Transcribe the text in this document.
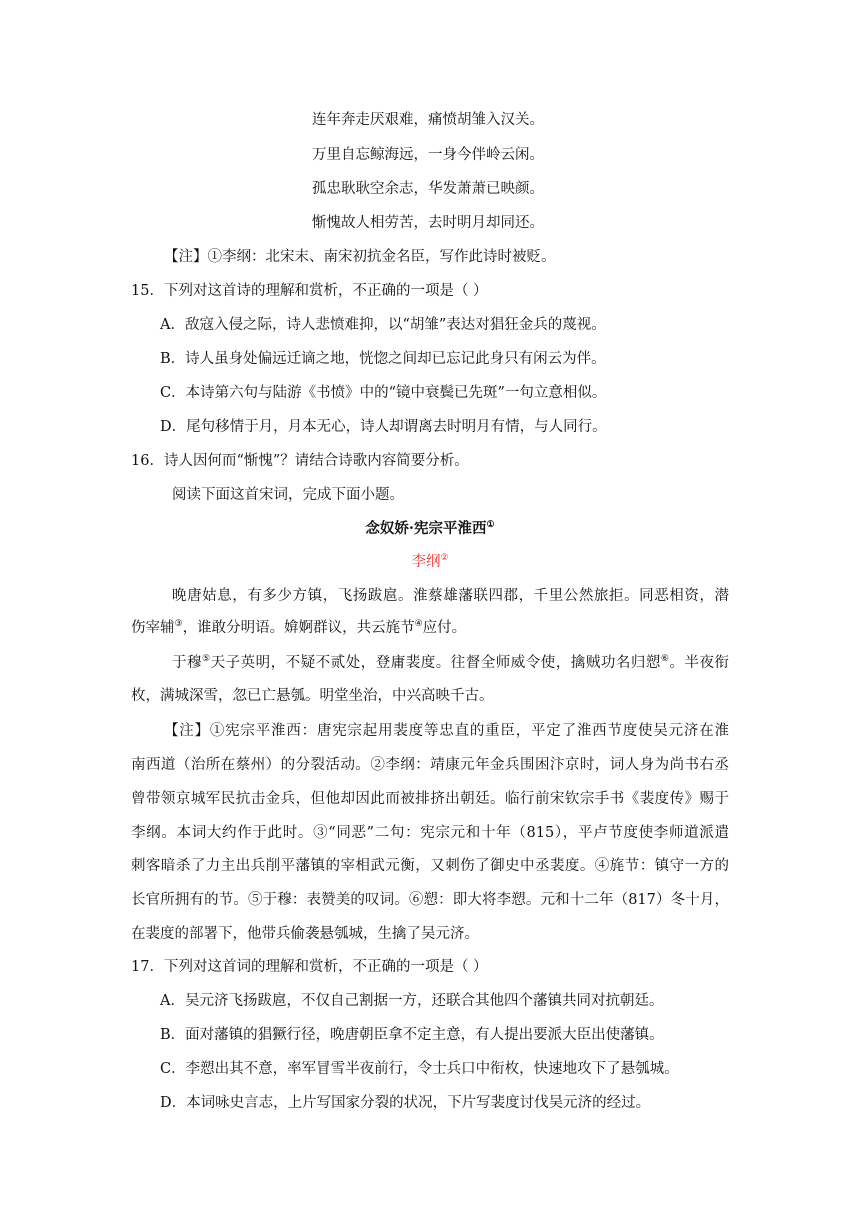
连年奔走厌艰难，痛愤胡雏入汉关。
万里自忘鲸海远，一身今伴岭云闲。
孤忠耿耿空余志，华发萧萧已映颜。
惭愧故人相劳苦，去时明月却同还。
【注】①李纲：北宋末、南宋初抗金名臣，写作此诗时被贬。
15．下列对这首诗的理解和赏析，不正确的一项是（ ）
A．敌寇入侵之际，诗人悲愤难抑，以“胡雏”表达对猖狂金兵的蔑视。
B．诗人虽身处偏远迁谪之地，恍惚之间却已忘记此身只有闲云为伴。
C．本诗第六句与陆游《书愤》中的“镜中衰鬓已先斑”一句立意相似。
D．尾句移情于月，月本无心，诗人却谓离去时明月有情，与人同行。
16．诗人因何而“惭愧”？请结合诗歌内容简要分析。
阅读下面这首宋词，完成下面小题。
念奴娇·宪宗平淮西①
李纲②
晚唐姑息，有多少方镇，飞扬跋扈。淮蔡雄藩联四郡，千里公然旅拒。同恶相资，潜
伤宰辅③，谁敢分明语。媕婀群议，共云旄节④应付。
于穆⑤天子英明，不疑不贰处，登庸裴度。往督全师威令使，擒贼功名归愬⑥。半夜衔
枚，满城深雪，忽已亡悬瓠。明堂坐治，中兴高映千古。
【注】①宪宗平淮西：唐宪宗起用裴度等忠直的重臣，平定了淮西节度使吴元济在淮
南西道（治所在蔡州）的分裂活动。②李纲：靖康元年金兵围困汴京时，词人身为尚书右丞
曾带领京城军民抗击金兵，但他却因此而被排挤出朝廷。临行前宋钦宗手书《裴度传》赐于
李纲。本词大约作于此时。③“同恶”二句：宪宗元和十年（815），平卢节度使李师道派遣
刺客暗杀了力主出兵削平藩镇的宰相武元衡，又刺伤了御史中丞裴度。④旄节：镇守一方的
长官所拥有的节。⑤于穆：表赞美的叹词。⑥愬：即大将李愬。元和十二年（817）冬十月，
在裴度的部署下，他带兵偷袭悬瓠城，生擒了吴元济。
17．下列对这首词的理解和赏析，不正确的一项是（ ）
A．吴元济飞扬跋扈，不仅自己割据一方，还联合其他四个藩镇共同对抗朝廷。
B．面对藩镇的猖獗行径，晚唐朝臣拿不定主意，有人提出要派大臣出使藩镇。
C．李愬出其不意，率军冒雪半夜前行，令士兵口中衔枚，快速地攻下了悬瓠城。
D．本词咏史言志，上片写国家分裂的状况，下片写裴度讨伐吴元济的经过。
